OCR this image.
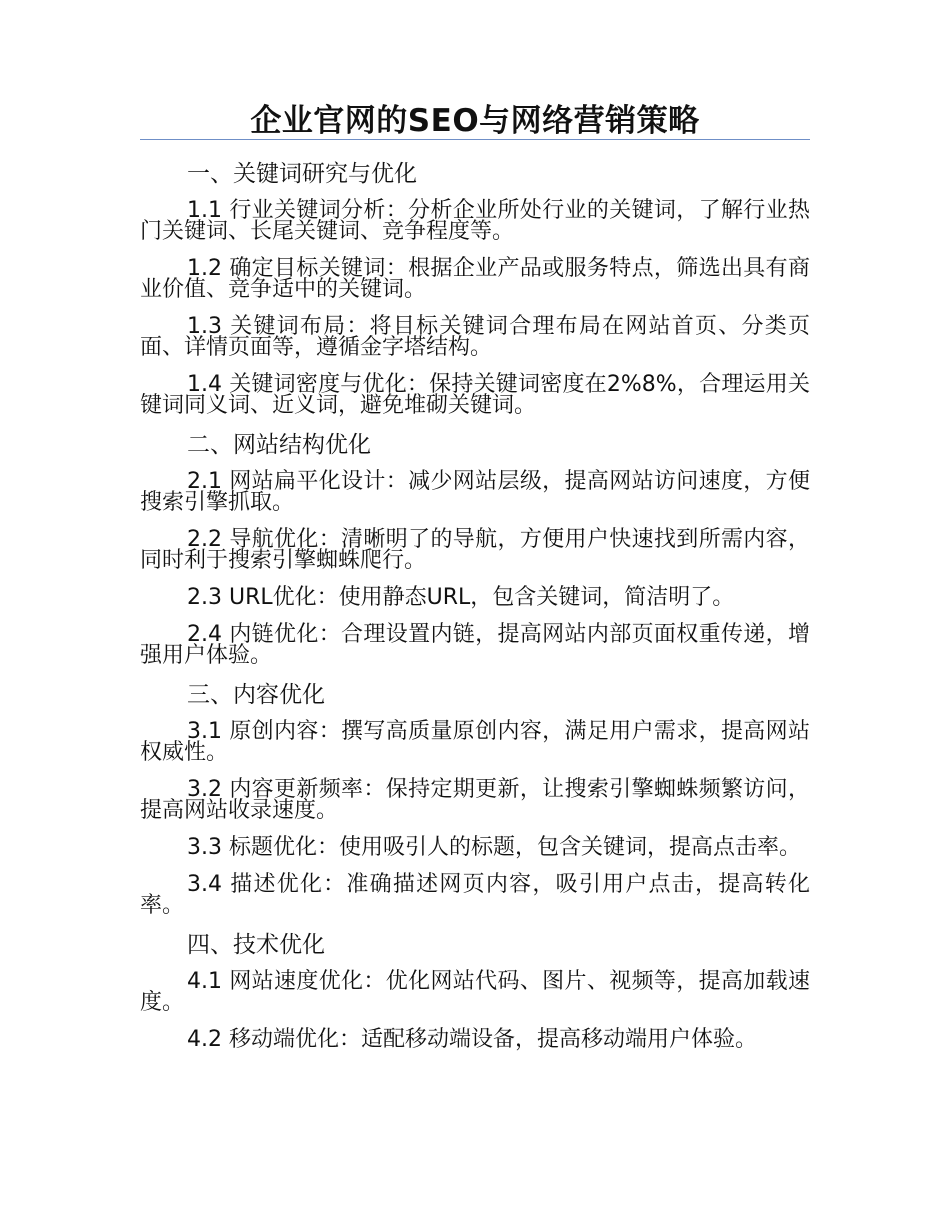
企业官网的SEO与网络营销策略
一、关键词研究与优化
1.1 行业关键词分析：分析企业所处行业的关键词，了解行业热门关键词、长尾关键词、竞争程度等。
1.2 确定目标关键词：根据企业产品或服务特点，筛选出具有商业价值、竞争适中的关键词。
1.3 关键词布局：将目标关键词合理布局在网站首页、分类页面、详情页面等，遵循金字塔结构。
1.4 关键词密度与优化：保持关键词密度在2%8%，合理运用关键词同义词、近义词，避免堆砌关键词。
二、网站结构优化
2.1 网站扁平化设计：减少网站层级，提高网站访问速度，方便搜索引擎抓取。
2.2 导航优化：清晰明了的导航，方便用户快速找到所需内容，同时利于搜索引擎蜘蛛爬行。
2.3 URL优化：使用静态URL，包含关键词，简洁明了。
2.4 内链优化：合理设置内链，提高网站内部页面权重传递，增强用户体验。
三、内容优化
3.1 原创内容：撰写高质量原创内容，满足用户需求，提高网站权威性。
3.2 内容更新频率：保持定期更新，让搜索引擎蜘蛛频繁访问，提高网站收录速度。
3.3 标题优化：使用吸引人的标题，包含关键词，提高点击率。
3.4 描述优化：准确描述网页内容，吸引用户点击，提高转化率。
四、技术优化
4.1 网站速度优化：优化网站代码、图片、视频等，提高加载速度。
4.2 移动端优化：适配移动端设备，提高移动端用户体验。
